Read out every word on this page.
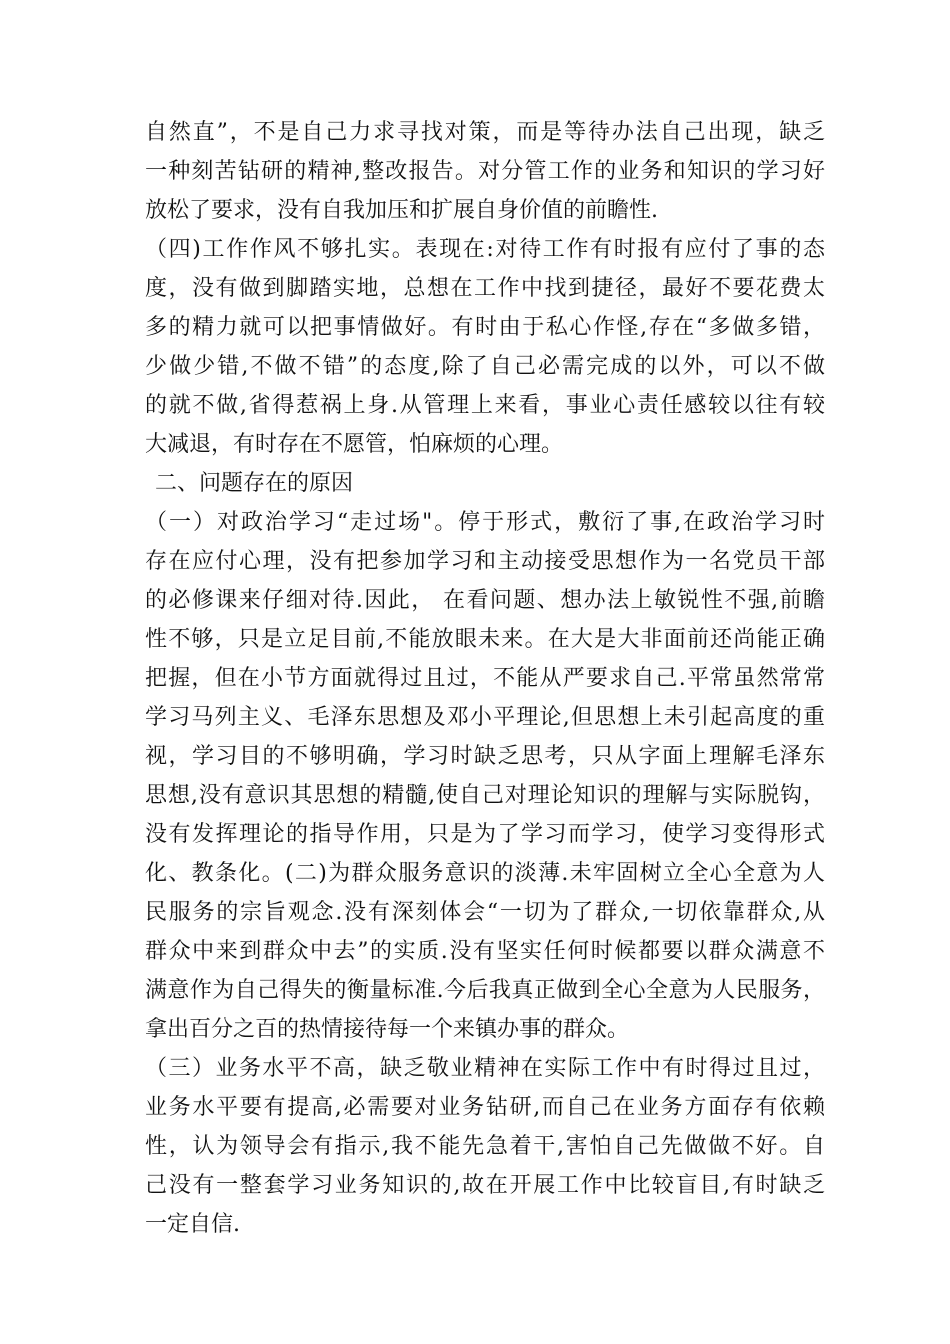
自然直”，不是自己力求寻找对策，而是等待办法自己出现，缺乏
一种刻苦钻研的精神,整改报告。对分管工作的业务和知识的学习好
放松了要求，没有自我加压和扩展自身价值的前瞻性.
（四)工作作风不够扎实。表现在:对待工作有时报有应付了事的态
度，没有做到脚踏实地，总想在工作中找到捷径，最好不要花费太
多的精力就可以把事情做好。有时由于私心作怪,存在“多做多错，
少做少错,不做不错”的态度,除了自己必需完成的以外，可以不做
的就不做,省得惹祸上身.从管理上来看，事业心责任感较以往有较
大减退，有时存在不愿管，怕麻烦的心理。
二、问题存在的原因
（一）对政治学习“走过场"。停于形式，敷衍了事,在政治学习时
存在应付心理，没有把参加学习和主动接受思想作为一名党员干部
的必修课来仔细对待.因此， 在看问题、想办法上敏锐性不强,前瞻
性不够，只是立足目前,不能放眼未来。在大是大非面前还尚能正确
把握，但在小节方面就得过且过，不能从严要求自己.平常虽然常常
学习马列主义、毛泽东思想及邓小平理论,但思想上未引起高度的重
视，学习目的不够明确，学习时缺乏思考，只从字面上理解毛泽东
思想,没有意识其思想的精髓,使自己对理论知识的理解与实际脱钩，
没有发挥理论的指导作用，只是为了学习而学习，使学习变得形式
化、教条化。(二)为群众服务意识的淡薄.未牢固树立全心全意为人
民服务的宗旨观念.没有深刻体会“一切为了群众,一切依靠群众,从
群众中来到群众中去”的实质.没有坚实任何时候都要以群众满意不
满意作为自己得失的衡量标准.今后我真正做到全心全意为人民服务，
拿出百分之百的热情接待每一个来镇办事的群众。
（三）业务水平不高，缺乏敬业精神在实际工作中有时得过且过，
业务水平要有提高,必需要对业务钻研,而自己在业务方面存有依赖
性，认为领导会有指示,我不能先急着干,害怕自己先做做不好。自
己没有一整套学习业务知识的,故在开展工作中比较盲目,有时缺乏
一定自信.
